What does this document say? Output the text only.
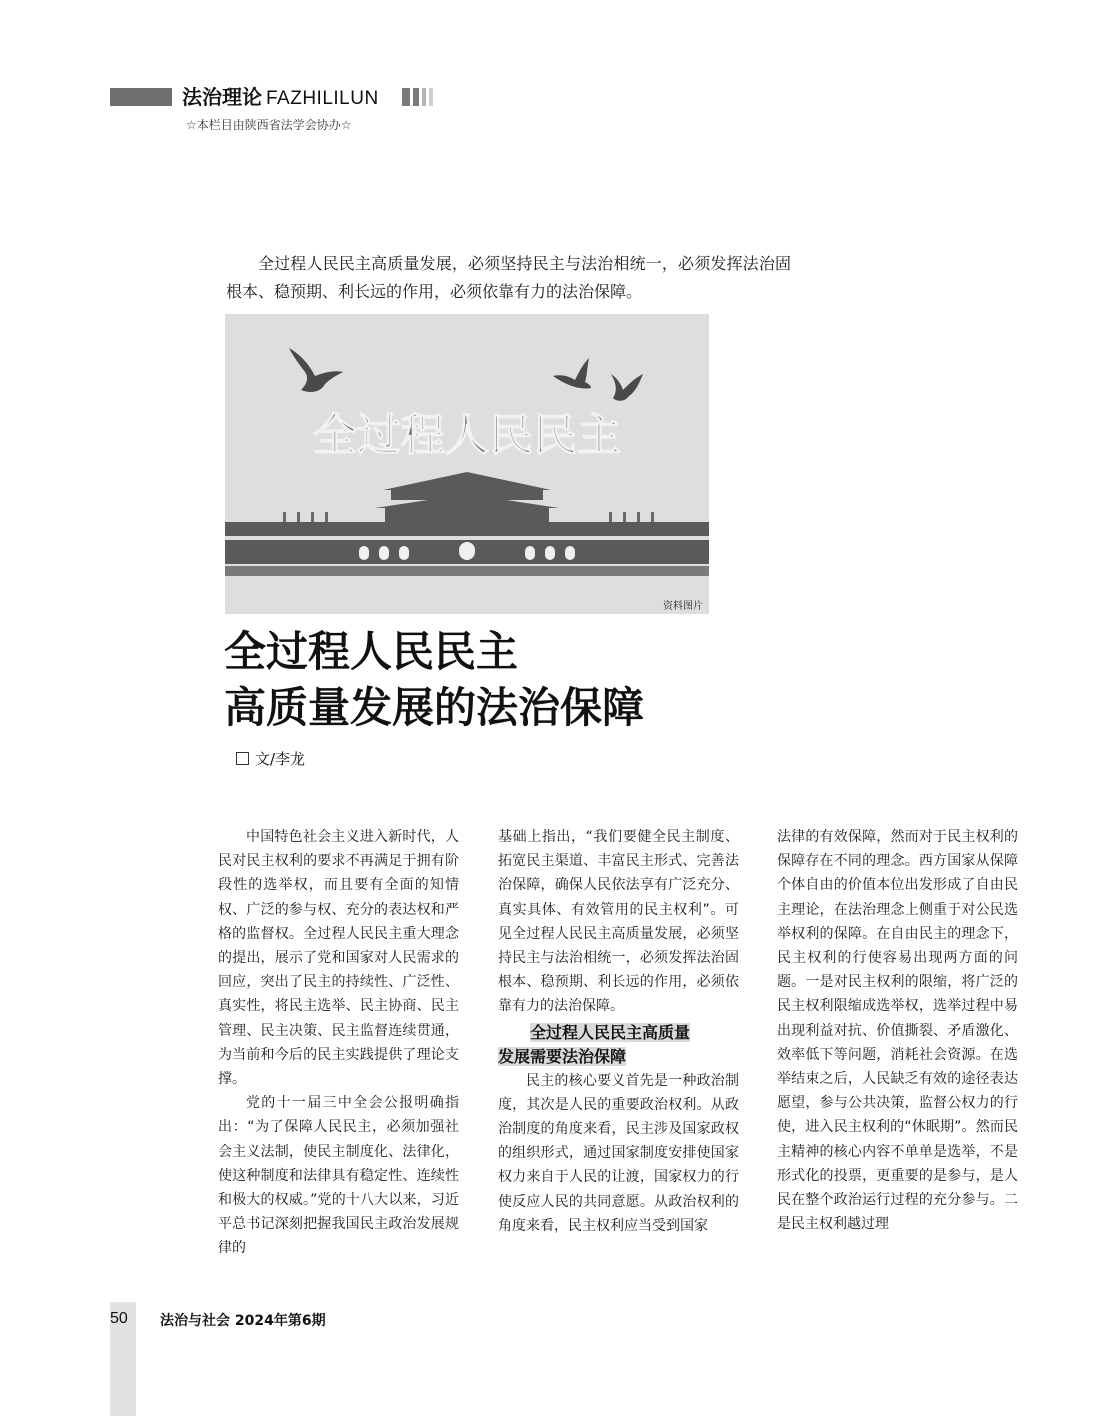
法治理论 FAZHILILUN
☆本栏目由陕西省法学会协办☆
全过程人民民主高质量发展，必须坚持民主与法治相统一，必须发挥法治固根本、稳预期、利长远的作用，必须依靠有力的法治保障。
全过程人民民主
资料图片
全过程人民民主
高质量发展的法治保障
文/李龙

中国特色社会主义进入新时代，人民对民主权利的要求不再满足于拥有阶段性的选举权，而且要有全面的知情权、广泛的参与权、充分的表达权和严格的监督权。全过程人民民主重大理念的提出，展示了党和国家对人民需求的回应，突出了民主的持续性、广泛性、真实性，将民主选举、民主协商、民主管理、民主决策、民主监督连续贯通，为当前和今后的民主实践提供了理论支撑。

党的十一届三中全会公报明确指出：“为了保障人民民主，必须加强社会主义法制，使民主制度化、法律化，使这种制度和法律具有稳定性、连续性和极大的权威。”党的十八大以来，习近平总书记深刻把握我国民主政治发展规律的

基础上指出，“我们要健全民主制度、拓宽民主渠道、丰富民主形式、完善法治保障，确保人民依法享有广泛充分、真实具体、有效管用的民主权利”。可见全过程人民民主高质量发展，必须坚持民主与法治相统一，必须发挥法治固根本、稳预期、利长远的作用，必须依靠有力的法治保障。

全过程人民民主高质量
发展需要法治保障

民主的核心要义首先是一种政治制度，其次是人民的重要政治权利。从政治制度的角度来看，民主涉及国家政权的组织形式，通过国家制度安排使国家权力来自于人民的让渡，国家权力的行使反应人民的共同意愿。从政治权利的角度来看，民主权利应当受到国家

法律的有效保障，然而对于民主权利的保障存在不同的理念。西方国家从保障个体自由的价值本位出发形成了自由民主理论，在法治理念上侧重于对公民选举权利的保障。在自由民主的理念下，民主权利的行使容易出现两方面的问题。一是对民主权利的限缩，将广泛的民主权利限缩成选举权，选举过程中易出现利益对抗、价值撕裂、矛盾激化、效率低下等问题，消耗社会资源。在选举结束之后，人民缺乏有效的途径表达愿望，参与公共决策，监督公权力的行使，进入民主权利的“休眠期”。然而民主精神的核心内容不单单是选举，不是形式化的投票，更重要的是参与，是人民在整个政治运行过程的充分参与。二是民主权利越过理

50 法治与社会 2024年第6期
